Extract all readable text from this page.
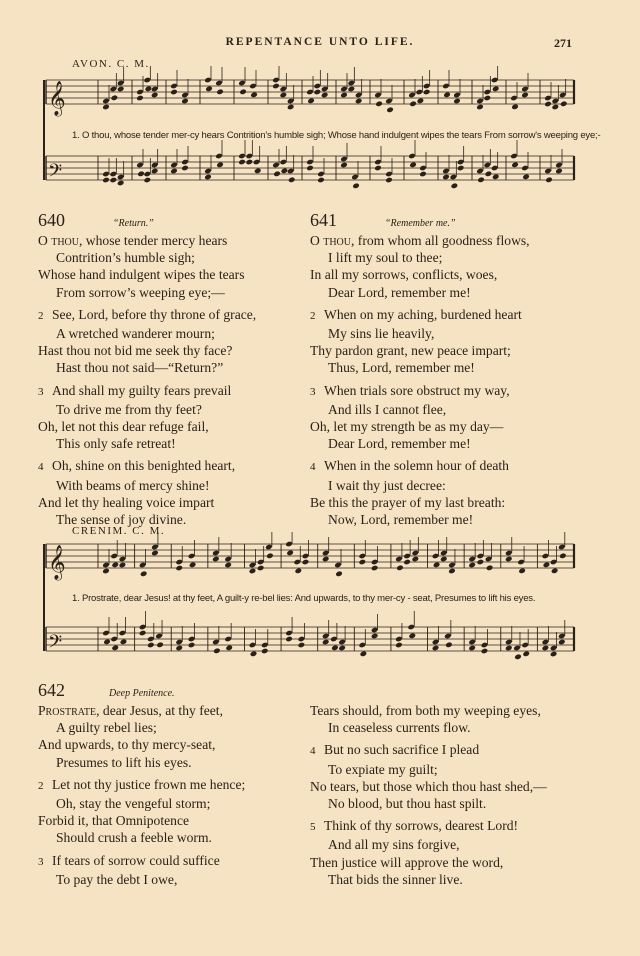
REPENTANCE UNTO LIFE.	271
AVON. C. M.
𝄞
𝄢
1. O thou, whose tender mer-cy hears Contrition's humble sigh; Whose hand indulgent wipes the tears From sorrow's weeping eye;-
640	“Return.”
O thou, whose tender mercy hears
Contrition’s humble sigh;
Whose hand indulgent wipes the tears
From sorrow’s weeping eye;—
2 See, Lord, before thy throne of grace,
A wretched wanderer mourn;
Hast thou not bid me seek thy face?
Hast thou not said—“Return?”
3 And shall my guilty fears prevail
To drive me from thy feet?
Oh, let not this dear refuge fail,
This only safe retreat!
4 Oh, shine on this benighted heart,
With beams of mercy shine!
And let thy healing voice impart
The sense of joy divine.
641	“Remember me.”
O thou, from whom all goodness flows,
I lift my soul to thee;
In all my sorrows, conflicts, woes,
Dear Lord, remember me!
2 When on my aching, burdened heart
My sins lie heavily,
Thy pardon grant, new peace impart;
Thus, Lord, remember me!
3 When trials sore obstruct my way,
And ills I cannot flee,
Oh, let my strength be as my day—
Dear Lord, remember me!
4 When in the solemn hour of death
I wait thy just decree:
Be this the prayer of my last breath:
Now, Lord, remember me!
CRENIM. C. M.
𝄞
𝄢
1. Prostrate, dear Jesus! at thy feet, A guilt-y re-bel lies: And upwards, to thy mer-cy - seat, Presumes to lift his eyes.
642	Deep Penitence.
Prostrate, dear Jesus, at thy feet,
A guilty rebel lies;
And upwards, to thy mercy-seat,
Presumes to lift his eyes.
2 Let not thy justice frown me hence;
Oh, stay the vengeful storm;
Forbid it, that Omnipotence
Should crush a feeble worm.
3 If tears of sorrow could suffice
To pay the debt I owe,
Tears should, from both my weeping eyes,
In ceaseless currents flow.
4 But no such sacrifice I plead
To expiate my guilt;
No tears, but those which thou hast shed,—
No blood, but thou hast spilt.
5 Think of thy sorrows, dearest Lord!
And all my sins forgive,
Then justice will approve the word,
That bids the sinner live.
